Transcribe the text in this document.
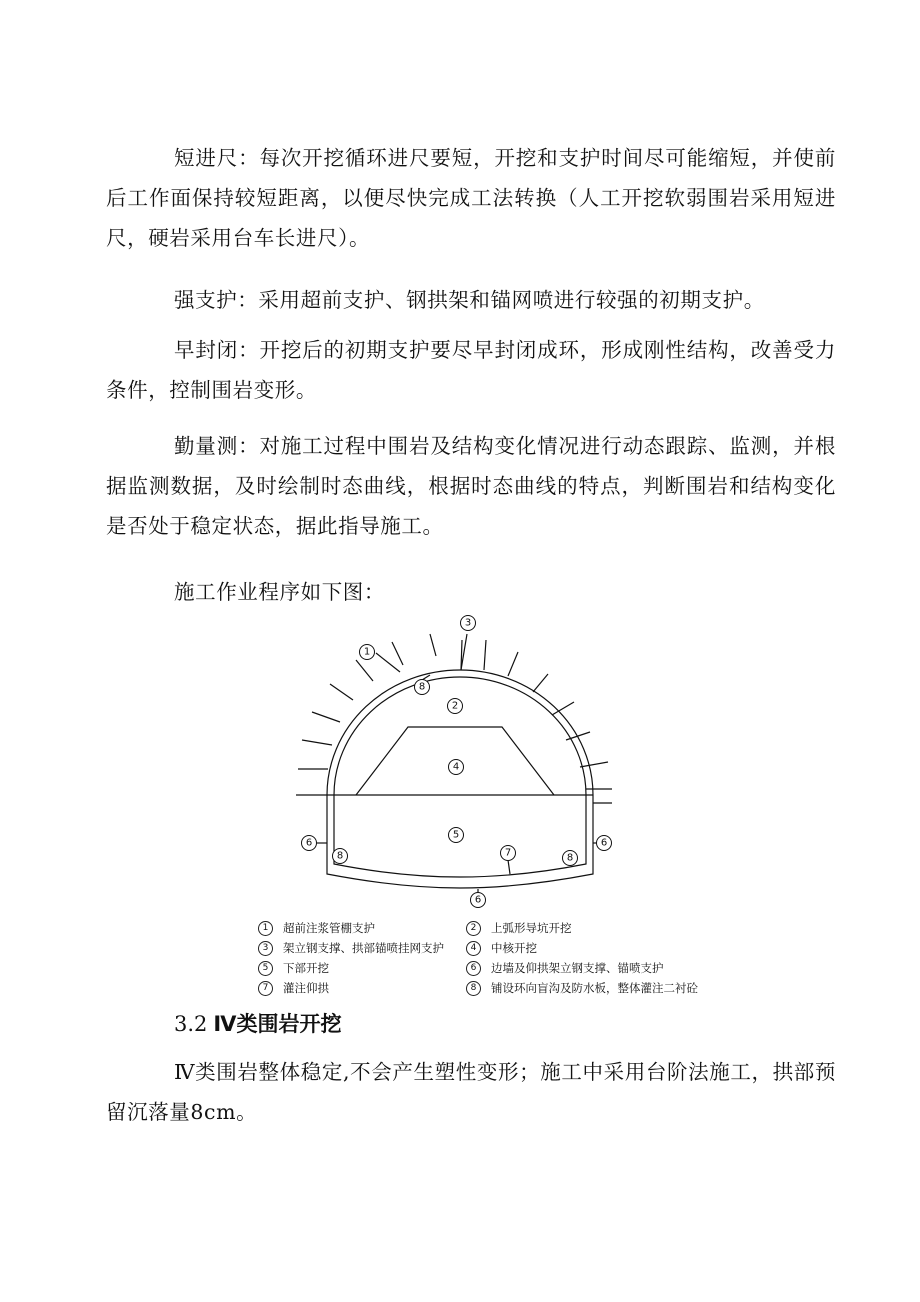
短进尺：每次开挖循环进尺要短，开挖和支护时间尽可能缩短，并使前后工作面保持较短距离，以便尽快完成工法转换（人工开挖软弱围岩采用短进尺，硬岩采用台车长进尺）。

强支护：采用超前支护、钢拱架和锚网喷进行较强的初期支护。

早封闭：开挖后的初期支护要尽早封闭成环，形成刚性结构，改善受力条件，控制围岩变形。

勤量测：对施工过程中围岩及结构变化情况进行动态跟踪、监测，并根据监测数据，及时绘制时态曲线，根据时态曲线的特点，判断围岩和结构变化是否处于稳定状态，据此指导施工。

施工作业程序如下图：

1
3
2
4
5
6	6
6
7
8
8	8
1	超前注浆管棚支护	2	上弧形导坑开挖
3	架立钢支撑、拱部锚喷挂网支护	4	中核开挖
5	下部开挖	6	边墙及仰拱架立钢支撑、锚喷支护
7	灌注仰拱	8	铺设环向盲沟及防水板，整体灌注二衬砼
3.2 Ⅳ类围岩开挖

Ⅳ类围岩整体稳定,不会产生塑性变形；施工中采用台阶法施工，拱部预留沉落量8cm。
